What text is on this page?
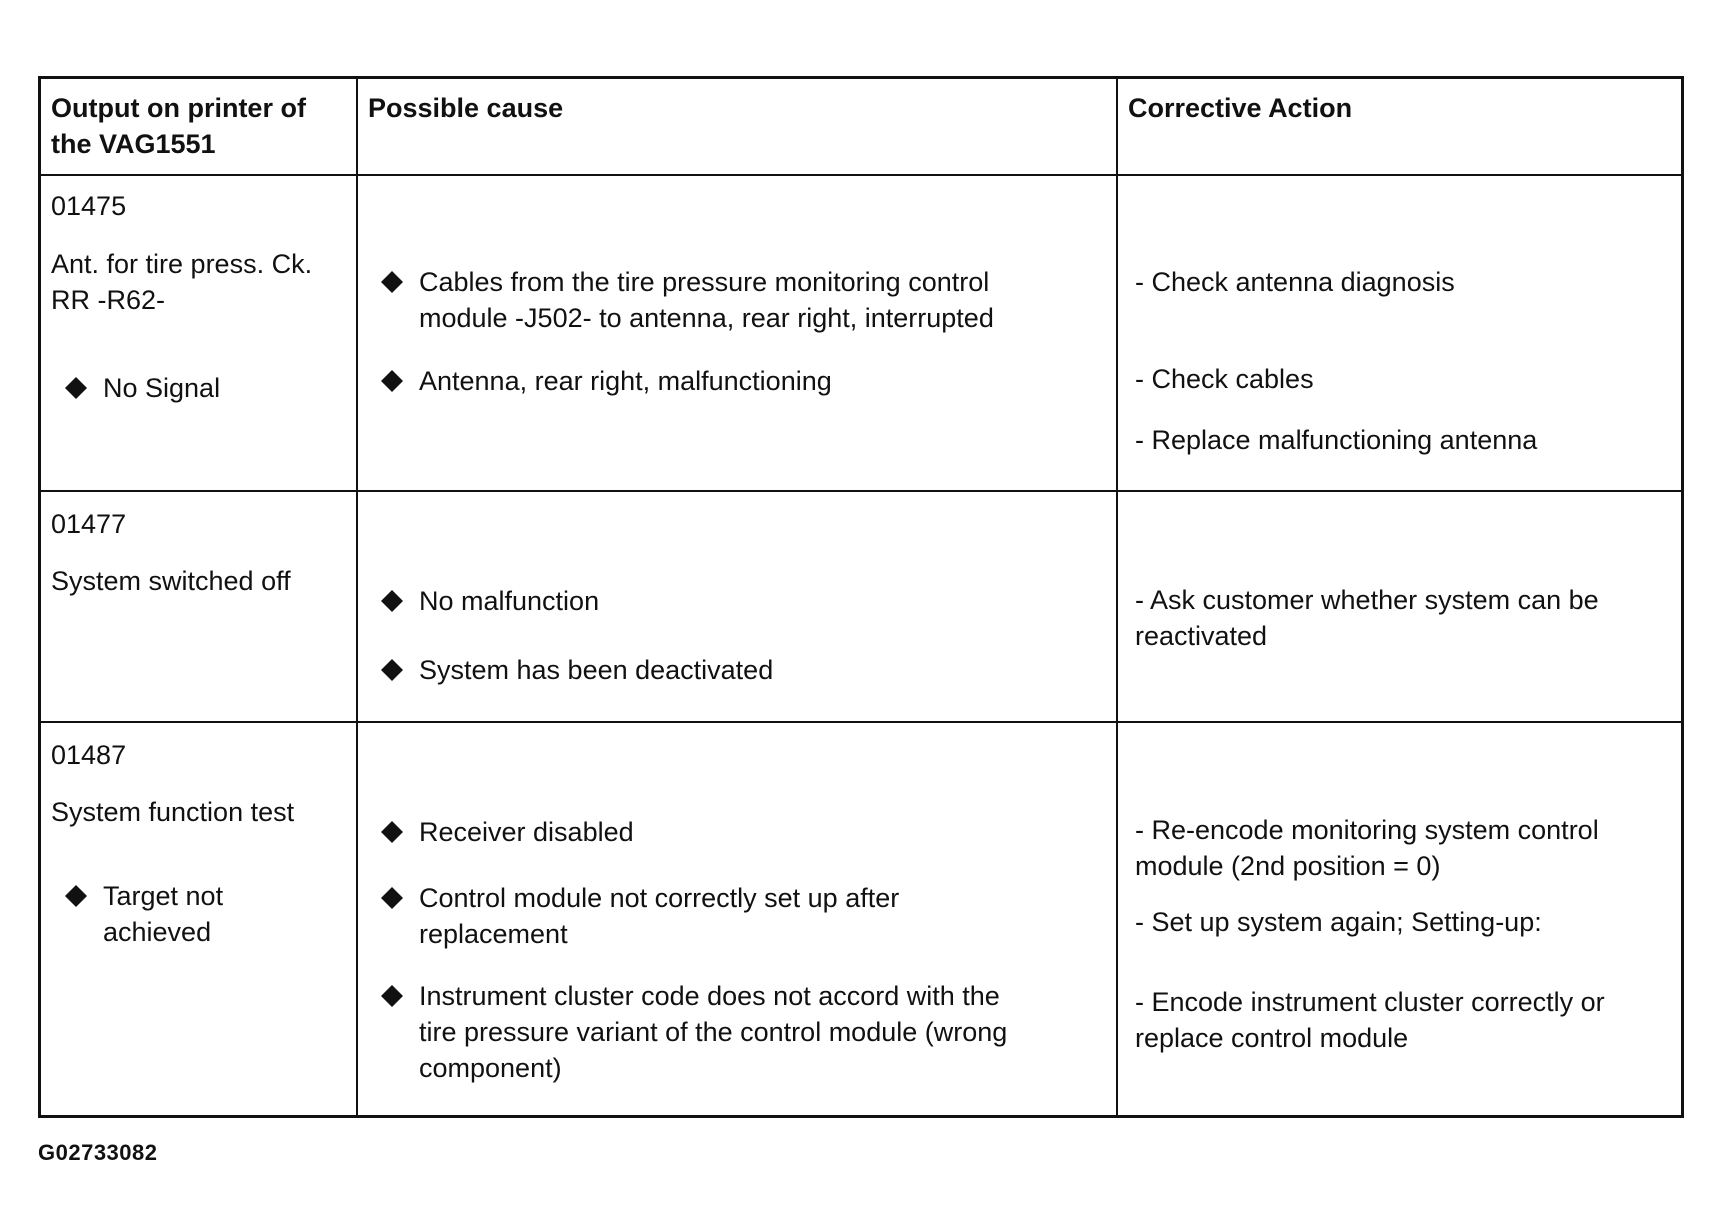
Output on printer of
the VAG1551
Possible cause	Corrective Action
01475
Ant. for tire press. Ck.
RR -R62-
No Signal
Cables from the tire pressure monitoring control
module -J502- to antenna, rear right, interrupted
Antenna, rear right, malfunctioning
- Check antenna diagnosis
- Check cables
- Replace malfunctioning antenna
01477
System switched off
No malfunction
System has been deactivated
- Ask customer whether system can be
reactivated
01487
System function test
Target not
achieved
Receiver disabled
Control module not correctly set up after
replacement
Instrument cluster code does not accord with the
tire pressure variant of the control module (wrong
component)
- Re-encode monitoring system control
module (2nd position = 0)
- Set up system again; Setting-up:
- Encode instrument cluster correctly or
replace control module
G02733082
